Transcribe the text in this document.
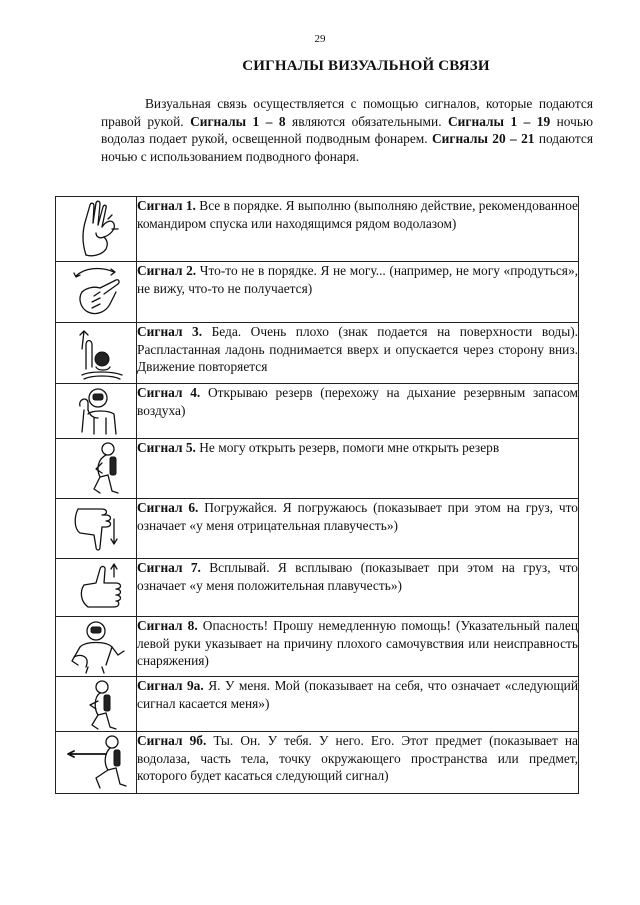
29
СИГНАЛЫ ВИЗУАЛЬНОЙ СВЯЗИ
Визуальная связь осуществляется с помощью сигналов, которые подаются правой рукой. Сигналы 1 – 8 являются обязательными. Сигналы 1 – 19 ночью водолаз подает рукой, освещенной подводным фонарем. Сигналы 20 – 21 подаются ночью с использованием подводного фонаря.
	Сигнал 1. Все в порядке. Я выполню (выполняю действие, рекомендованное командиром спуска или находящимся рядом водолазом)

	Сигнал 2. Что-то не в порядке. Я не могу... (например, не могу «продуться», не вижу, что-то не получается)

	Сигнал 3. Беда. Очень плохо (знак подается на поверхности воды). Распластанная ладонь поднимается вверх и опускается через сторону вниз. Движение повторяется

	Сигнал 4. Открываю резерв (перехожу на дыхание резервным запасом воздуха)

	Сигнал 5. Не могу открыть резерв, помоги мне открыть резерв

	Сигнал 6. Погружайся. Я погружаюсь (показывает при этом на груз, что означает «у меня отрицательная плавучесть»)

	Сигнал 7. Всплывай. Я всплываю (показывает при этом на груз, что означает «у меня положительная плавучесть»)

	Сигнал 8. Опасность! Прошу немедленную помощь! (Указательный палец левой руки указывает на причину плохого самочувствия или неисправность снаряжения)

	Сигнал 9а. Я. У меня. Мой (показывает на себя, что означает «следующий сигнал касается меня»)

	Сигнал 9б. Ты. Он. У тебя. У него. Его. Этот предмет (показывает на водолаза, часть тела, точку окружающего пространства или предмет, которого будет касаться следующий сигнал)
